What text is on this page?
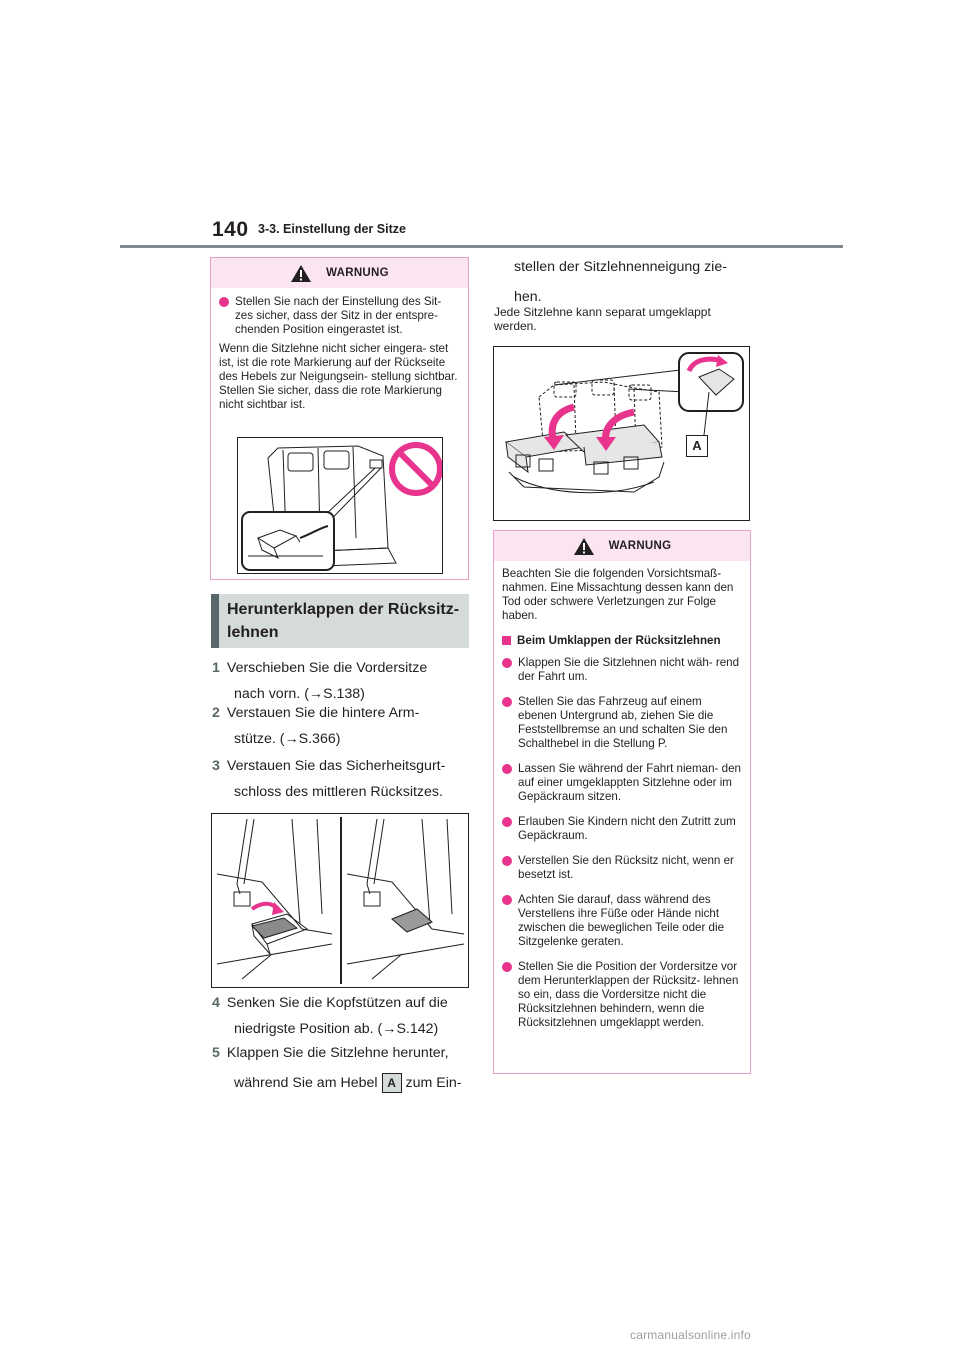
140 3-3. Einstellung der Sitze
WARNUNG
Stellen Sie nach der Einstellung des Sit- zes sicher, dass der Sitz in der entspre- chenden Position eingerastet ist.
Wenn die Sitzlehne nicht sicher eingera- stet ist, ist die rote Markierung auf der Rückseite des Hebels zur Neigungsein- stellung sichtbar. Stellen Sie sicher, dass die rote Markierung nicht sichtbar ist.
Herunterklappen der Rücksitz-
lehnen
1 Verschieben Sie die Vordersitze
nach vorn. (→S.138)
2 Verstauen Sie die hintere Arm-
stütze. (→S.366)
3 Verstauen Sie das Sicherheitsgurt-
schloss des mittleren Rücksitzes.
4 Senken Sie die Kopfstützen auf die
niedrigste Position ab. (→S.142)
5 Klappen Sie die Sitzlehne herunter,
während Sie am Hebel A zum Ein-
stellen der Sitzlehnenneigung zie-
hen.
Jede Sitzlehne kann separat umgeklappt werden.
A
WARNUNG
Beachten Sie die folgenden Vorsichtsmaß- nahmen. Eine Missachtung dessen kann den Tod oder schwere Verletzungen zur Folge haben.
Beim Umklappen der Rücksitzlehnen
Klappen Sie die Sitzlehnen nicht wäh- rend der Fahrt um.
Stellen Sie das Fahrzeug auf einem ebenen Untergrund ab, ziehen Sie die Feststellbremse an und schalten Sie den Schalthebel in die Stellung P.
Lassen Sie während der Fahrt nieman- den auf einer umgeklappten Sitzlehne oder im Gepäckraum sitzen.
Erlauben Sie Kindern nicht den Zutritt zum Gepäckraum.
Verstellen Sie den Rücksitz nicht, wenn er besetzt ist.
Achten Sie darauf, dass während des Verstellens ihre Füße oder Hände nicht zwischen die beweglichen Teile oder die Sitzgelenke geraten.
Stellen Sie die Position der Vordersitze vor dem Herunterklappen der Rücksitz- lehnen so ein, dass die Vordersitze nicht die Rücksitzlehnen behindern, wenn die Rücksitzlehnen umgeklappt werden.
carmanualsonline.info
